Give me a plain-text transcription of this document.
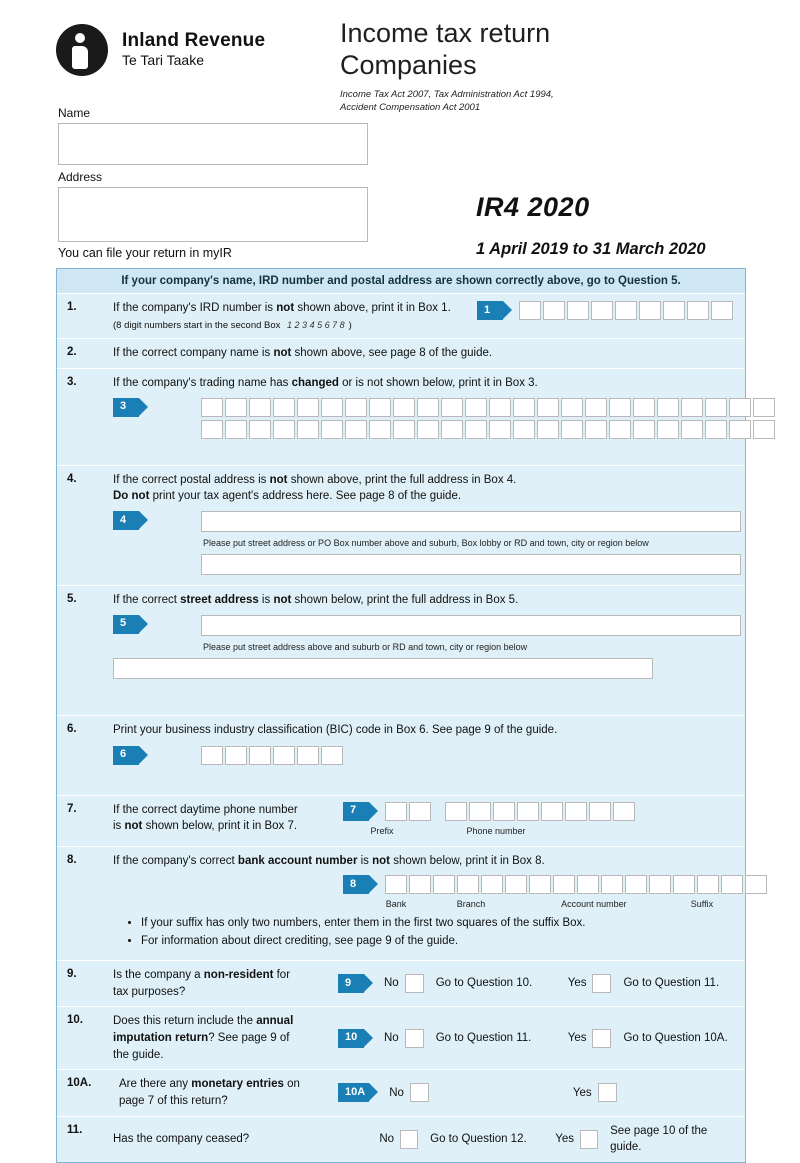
Inland Revenue
Te Tari Taake
Income tax return
Companies
Income Tax Act 2007, Tax Administration Act 1994,
Accident Compensation Act 2001
Name
Address
You can file your return in myIR
IR4 2020
1 April 2019 to 31 March 2020
If your company's name, IRD number and postal address are shown correctly above, go to Question 5.
1.	If the company's IRD number is not shown above, print it in Box 1.
(8 digit numbers start in the second Box 1 2 3 4 5 6 7 8 )
1
2.	If the correct company name is not shown above, see page 8 of the guide.
3.	If the company's trading name has changed or is not shown below, print it in Box 3.
3

4.	If the correct postal address is not shown above, print the full address in Box 4.
Do not print your tax agent's address here. See page 8 of the guide.
4
Please put street address or PO Box number above and suburb, Box lobby or RD and town, city or region below
5.	If the correct street address is not shown below, print the full address in Box 5.
5
Please put street address above and suburb or RD and town, city or region below
6.	Print your business industry classification (BIC) code in Box 6. See page 9 of the guide.
6
7.	If the correct daytime phone number
is not shown below, print it in Box 7.
7
Prefix	Phone number
8.	If the company's correct bank account number is not shown below, print it in Box 8.
8
Bank	Branch	Account number	Suffix
• If your suffix has only two numbers, enter them in the first two squares of the suffix Box.
• For information about direct crediting, see page 9 of the guide.
9.	Is the company a non-resident for
tax purposes?
9	No	Go to Question 10.	Yes	Go to Question 11.
10.	Does this return include the annual
imputation return? See page 9 of
the guide.
10	No	Go to Question 11.	Yes	Go to Question 10A.
10A.	Are there any monetary entries on
page 7 of this return?
10A	No	Yes
11.
Has the company ceased?	No	Go to Question 12.	Yes
See page 10 of the guide.
